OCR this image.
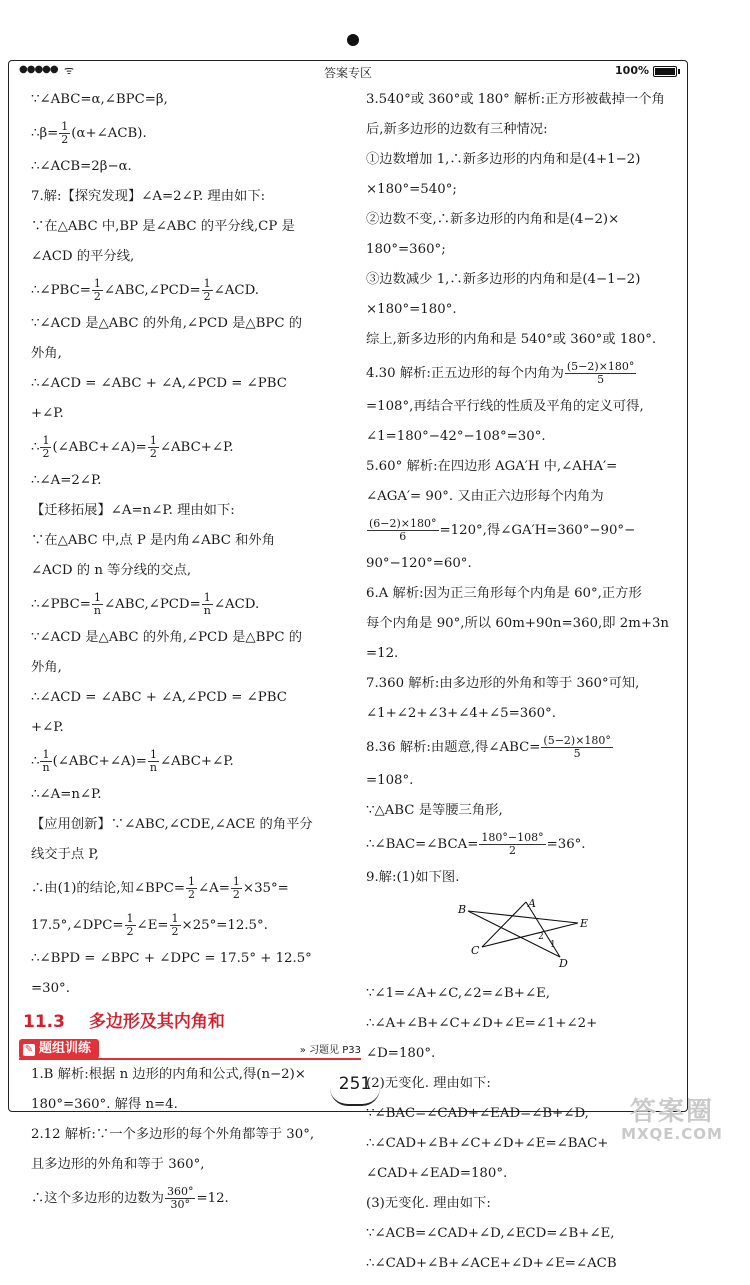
●●●●● ᯤ	答案专区	100%
∵∠ABC=α,∠BPC=β,
∴β= $\frac{1}{2}$ (α+∠ACB).
∴∠ACB=2β−α.
7.解:【探究发现】∠A=2∠P. 理由如下:
∵在△ABC 中,BP 是∠ABC 的平分线,CP 是
∠ACD 的平分线,
∴∠PBC= $\frac{1}{2}$ ∠ABC,∠PCD= $\frac{1}{2}$ ∠ACD.
∵∠ACD 是△ABC 的外角,∠PCD 是△BPC 的
外角,
∴∠ACD = ∠ABC + ∠A,∠PCD = ∠PBC
+∠P.
∴ $\frac{1}{2}$ (∠ABC+∠A)= $\frac{1}{2}$ ∠ABC+∠P.
∴∠A=2∠P.
【迁移拓展】∠A=n∠P. 理由如下:
∵在△ABC 中,点 P 是内角∠ABC 和外角
∠ACD 的 n 等分线的交点,
∴∠PBC= $\frac{1}{n}$ ∠ABC,∠PCD= $\frac{1}{n}$ ∠ACD.
∵∠ACD 是△ABC 的外角,∠PCD 是△BPC 的
外角,
∴∠ACD = ∠ABC + ∠A,∠PCD = ∠PBC
+∠P.
∴ $\frac{1}{n}$ (∠ABC+∠A)= $\frac{1}{n}$ ∠ABC+∠P.
∴∠A=n∠P.
【应用创新】∵∠ABC,∠CDE,∠ACE 的角平分
线交于点 P,
∴由(1)的结论,知∠BPC= $\frac{1}{2}$ ∠A= $\frac{1}{2} \times 35^\circ=$
17.5°,∠DPC= $\frac{1}{2}$ ∠E= $\frac{1}{2} \times 25^\circ=12.5^\circ$.
∴∠BPD = ∠BPC + ∠DPC = 17.5° + 12.5°
=30°.
11.3 多边形及其内角和
✎ 题组训练	» 习题见 P33
1.B 解析:根据 n 边形的内角和公式,得(n−2)×
180°=360°. 解得 n=4.
2.12 解析:∵一个多边形的每个外角都等于 30°,
且多边形的外角和等于 360°,
∴这个多边形的边数为 $\frac{360^\circ}{30^\circ} =12$.
3.540°或 360°或 180° 解析:正方形被截掉一个角
后,新多边形的边数有三种情况:
①边数增加 1,∴新多边形的内角和是(4+1−2)
×180°=540°;
②边数不变,∴新多边形的内角和是(4−2)×
180°=360°;
③边数减少 1,∴新多边形的内角和是(4−1−2)
×180°=180°.
综上,新多边形的内角和是 540°或 360°或 180°.
4.30 解析:正五边形的每个内角为 $\frac{(5-2)\times 180^\circ}{5}$
=108°,再结合平行线的性质及平角的定义可得,
∠1=180°−42°−108°=30°.
5.60° 解析:在四边形 AGA′H 中,∠AHA′=
∠AGA′= 90°. 又由正六边形每个内角为
$\frac{(6-2)\times 180^\circ}{6} =120^\circ$,得∠GA′H=360°−90°−
90°−120°=60°.
6.A 解析:因为正三角形每个内角是 60°,正方形
每个内角是 90°,所以 60m+90n=360,即 2m+3n
=12.
7.360 解析:由多边形的外角和等于 360°可知,
∠1+∠2+∠3+∠4+∠5=360°.
8.36 解析:由题意,得∠ABC= $\frac{(5-2)\times 180^\circ}{5}$
=108°.
∵△ABC 是等腰三角形,
∴∠BAC=∠BCA= $\frac{180^\circ-108^\circ}{2} =36^\circ$.
9.解:(1)如下图.
A
B
E
C
D
2
1
∵∠1=∠A+∠C,∠2=∠B+∠E,
∴∠A+∠B+∠C+∠D+∠E=∠1+∠2+
∠D=180°.
(2)无变化. 理由如下:
∵∠BAC=∠CAD+∠EAD=∠B+∠D,
∴∠CAD+∠B+∠C+∠D+∠E=∠BAC+
∠CAD+∠EAD=180°.
(3)无变化. 理由如下:
∵∠ACB=∠CAD+∠D,∠ECD=∠B+∠E,
∴∠CAD+∠B+∠ACE+∠D+∠E=∠ACB
251
答案圈
MXQE.COM
